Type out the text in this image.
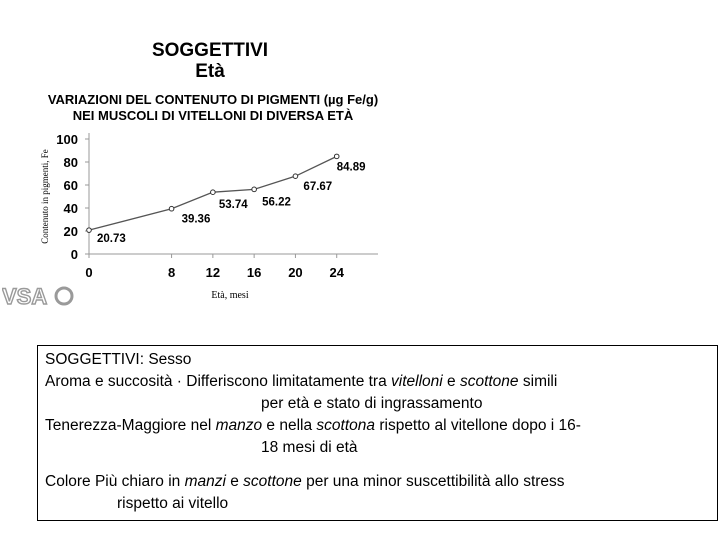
SOGGETTIVI
Età
VARIAZIONI DEL CONTENUTO DI PIGMENTI (µg Fe/g)
NEI MUSCOLI DI VITELLONI DI DIVERSA ETÀ
0
20
40
60
80
100
0	8 12 16 20 24
Età, mesi
Contenuto in pigmenti, Fe	20.73
39.36
53.74 56.22
67.67
84.89
VSA

SOGGETTIVI: Sesso

Aroma e succosità · Differiscono limitatamente tra vitelloni e scottone simili

per età e stato di ingrassamento

Tenerezza-Maggiore nel manzo e nella scottona rispetto al vitellone dopo i 16-

18 mesi di età

Colore Più chiaro in manzi e scottone per una minor suscettibilità allo stress

rispetto ai vitello
